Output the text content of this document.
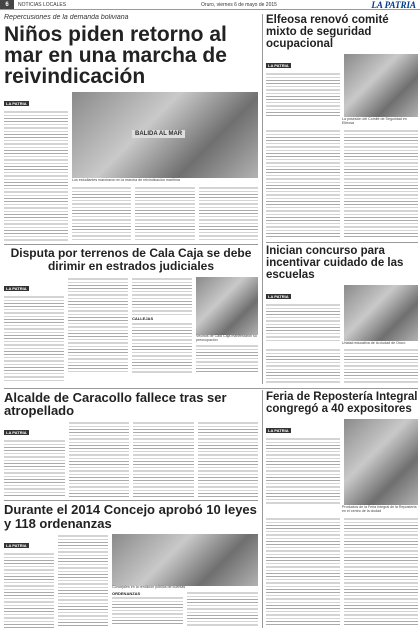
6	NOTICIAS LOCALES	Oruro, viernes 6 de mayo de 2015	LA PATRIA
Repercusiones de la demanda boliviana
Niños piden retorno al mar en una marcha de reivindicación
LA PATRIA
BALIDA AL MAR
Los estudiantes marcharon en la marcha de reivindicación marítima
Elfeosa renovó comité mixto de seguridad ocupacional
LA PATRIA
La posesión del Comité de Seguridad en Elfeosa
Disputa por terrenos de Cala Caja se debe dirimir en estrados judiciales
LA PATRIA
CALLEJAS
Vecinos de Cala Caja manifestaron su preocupación
Inician concurso para incentivar cuidado de las escuelas
LA PATRIA
Unidad educativa de la ciudad de Oruro
Alcalde de Caracollo fallece tras ser atropellado
LA PATRIA
Feria de Repostería Integral congregó a 40 expositores
LA PATRIA
Productos de la Feria Integral de la Repostería en el centro de la ciudad
Durante el 2014 Concejo aprobó 10 leyes y 118 ordenanzas
LA PATRIA
Concejales en la rendición pública de cuentas
ORDENANZAS
